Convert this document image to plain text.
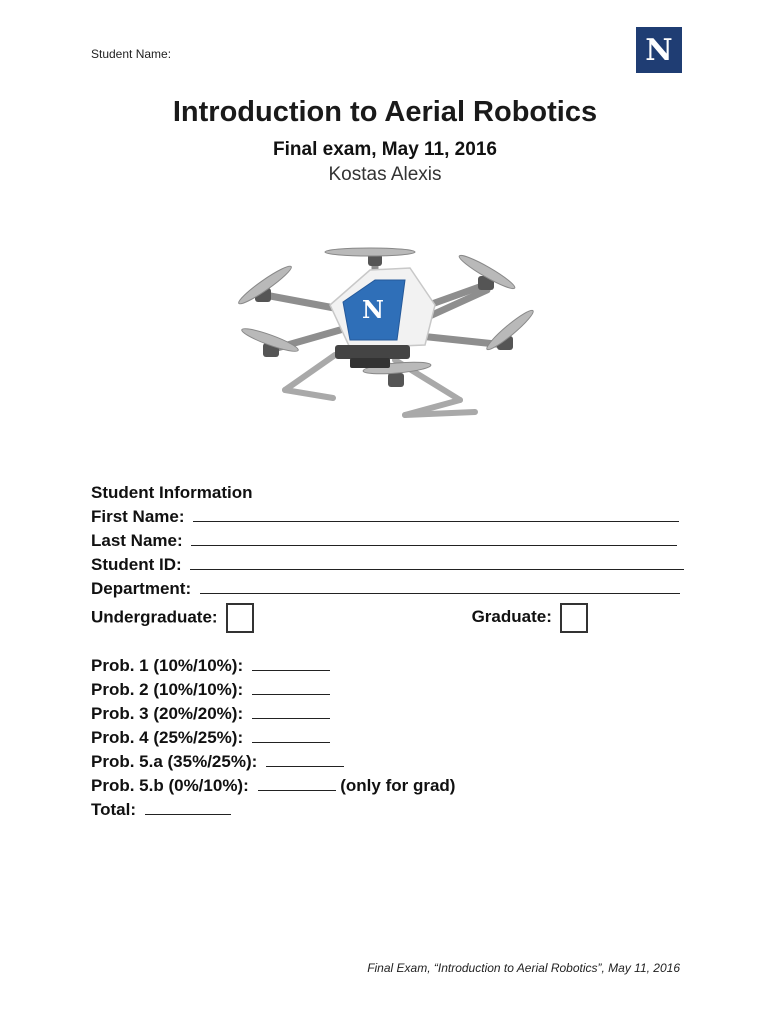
Student Name:	N
Introduction to Aerial Robotics
Final exam, May 11, 2016
Kostas Alexis
N
Student Information
First Name:
Last Name:
Student ID:
Department:
Undergraduate:	Graduate:
Prob. 1 (10%/10%):
Prob. 2 (10%/10%):
Prob. 3 (20%/20%):
Prob. 4 (25%/25%):
Prob. 5.a (35%/25%):
Prob. 5.b (0%/10%):	(only for grad)
Total:
Final Exam, “Introduction to Aerial Robotics”, May 11, 2016
